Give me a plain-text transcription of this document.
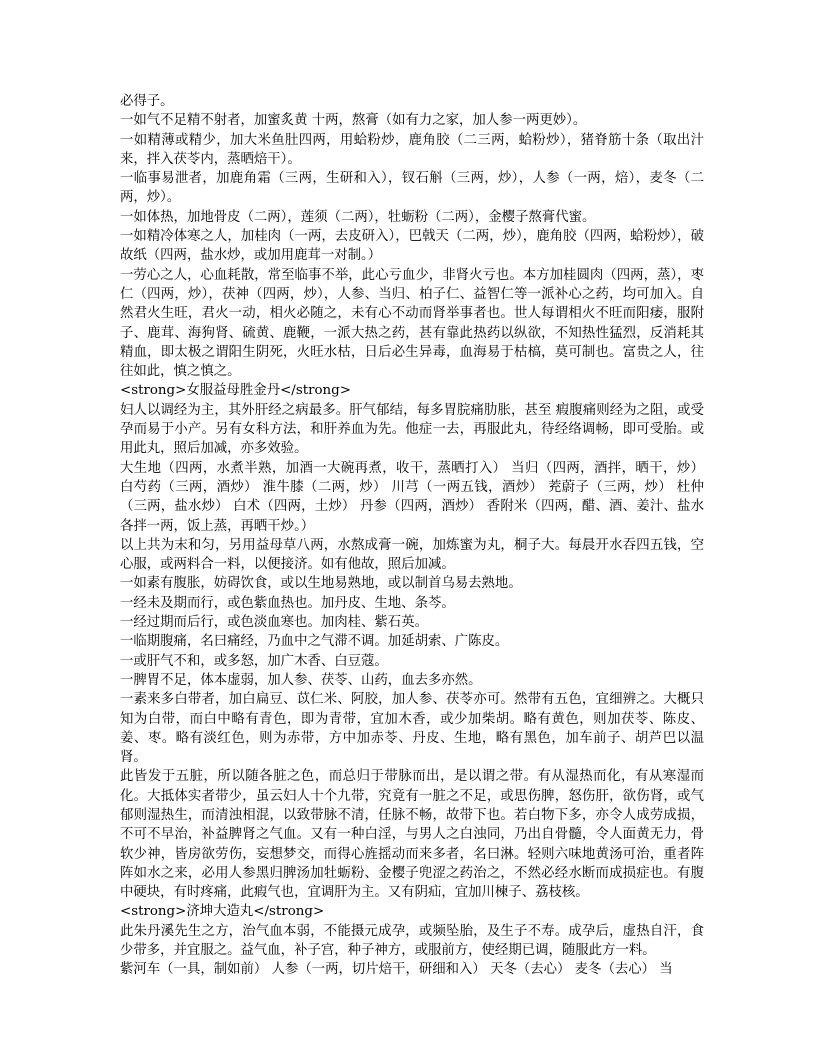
必得子。

一如气不足精不射者，加蜜炙黄 十两，熬膏（如有力之家，加人参一两更妙）。

一如精薄或精少，加大米鱼肚四两，用蛤粉炒，鹿角胶（二三两，蛤粉炒），猪脊筋十条（取出汁来，拌入茯苓内，蒸晒焙干）。

一临事易泄者，加鹿角霜（三两，生研和入），钗石斛（三两，炒），人参（一两，焙），麦冬（二两，炒）。

一如体热，加地骨皮（二两），莲须（二两），牡蛎粉（二两），金樱子熬膏代蜜。

一如精冷体寒之人，加桂肉（一两，去皮研入），巴戟天（二两，炒），鹿角胶（四两，蛤粉炒），破故纸（四两，盐水炒，或加用鹿茸一对制。）

一劳心之人，心血耗散，常至临事不举，此心亏血少，非肾火亏也。本方加桂圆肉（四两，蒸），枣仁（四两，炒），茯神（四两，炒），人参、当归、柏子仁、益智仁等一派补心之药，均可加入。自然君火生旺，君火一动，相火必随之，未有心不动而肾举事者也。世人每谓相火不旺而阳痿，服附子、鹿茸、海狗肾、硫黄、鹿鞭，一派大热之药，甚有靠此热药以纵欲，不知热性猛烈，反消耗其精血，即太极之谓阳生阴死，火旺水枯，日后必生异毒，血海易于枯槁，莫可制也。富贵之人，往往如此，慎之慎之。

<strong>女服益母胜金丹</strong>

妇人以调经为主，其外肝经之病最多。肝气郁结，每多胃脘痛肋胀，甚至 瘕腹痛则经为之阻，或受孕而易于小产。另有女科方法，和肝养血为先。他症一去，再服此丸，待经络调畅，即可受胎。或用此丸，照后加减，亦多效验。

大生地（四两，水煮半熟，加酒一大碗再煮，收干，蒸晒打入） 当归（四两，酒拌，晒干，炒） 白芍药（三两，酒炒） 淮牛膝（二两，炒） 川芎（一两五钱，酒炒） 茺蔚子（三两，炒） 杜仲（三两，盐水炒） 白术（四两，土炒） 丹参（四两，酒炒） 香附米（四两，醋、酒、姜汁、盐水各拌一两，饭上蒸，再晒干炒。）

以上共为末和匀，另用益母草八两，水熬成膏一碗，加炼蜜为丸，桐子大。每晨开水吞四五钱，空心服，或两料合一料，以便接济。如有他故，照后加减。

一如素有腹胀，妨碍饮食，或以生地易熟地，或以制首乌易去熟地。

一经未及期而行，或色紫血热也。加丹皮、生地、条芩。

一经过期而后行，或色淡血寒也。加肉桂、紫石英。

一临期腹痛，名曰痛经，乃血中之气滞不调。加延胡索、广陈皮。

一或肝气不和，或多怒，加广木香、白豆蔻。

一脾胃不足，体本虚弱，加人参、茯苓、山药，血去多亦然。

一素来多白带者，加白扁豆、苡仁米、阿胶，加人参、茯苓亦可。然带有五色，宜细辨之。大概只知为白带，而白中略有青色，即为青带，宜加木香，或少加柴胡。略有黄色，则加茯苓、陈皮、姜、枣。略有淡红色，则为赤带，方中加赤苓、丹皮、生地，略有黑色，加车前子、胡芦巴以温肾。

此皆发于五脏，所以随各脏之色，而总归于带脉而出，是以谓之带。有从湿热而化，有从寒湿而化。大抵体实者带少，虽云妇人十个九带，究竟有一脏之不足，或思伤脾，怒伤肝，欲伤肾，或气郁则湿热生，而清浊相混，以致带脉不清，任脉不畅，故带下也。若白物下多，亦令人成劳成损，不可不早治，补益脾肾之气血。又有一种白淫，与男人之白浊同，乃出自骨髓，令人面黄无力，骨软少神，皆房欲劳伤，妄想梦交，而得心旌摇动而来多者，名曰淋。轻则六味地黄汤可治，重者阵阵如水之来，必用人参黑归脾汤加牡蛎粉、金樱子兜涩之药治之，不然必经水断而成损症也。有腹中硬块，有时疼痛，此瘕气也，宜调肝为主。又有阴疝，宜加川楝子、荔枝核。

<strong>济坤大造丸</strong>

此朱丹溪先生之方，治气血本弱，不能摄元成孕，或频坠胎，及生子不寿。成孕后，虚热自汗，食少带多，并宜服之。益气血，补子宫，种子神方，或服前方，使经期已调，随服此方一料。

紫河车（一具，制如前） 人参（一两，切片焙干，研细和入） 天冬（去心） 麦冬（去心） 当
